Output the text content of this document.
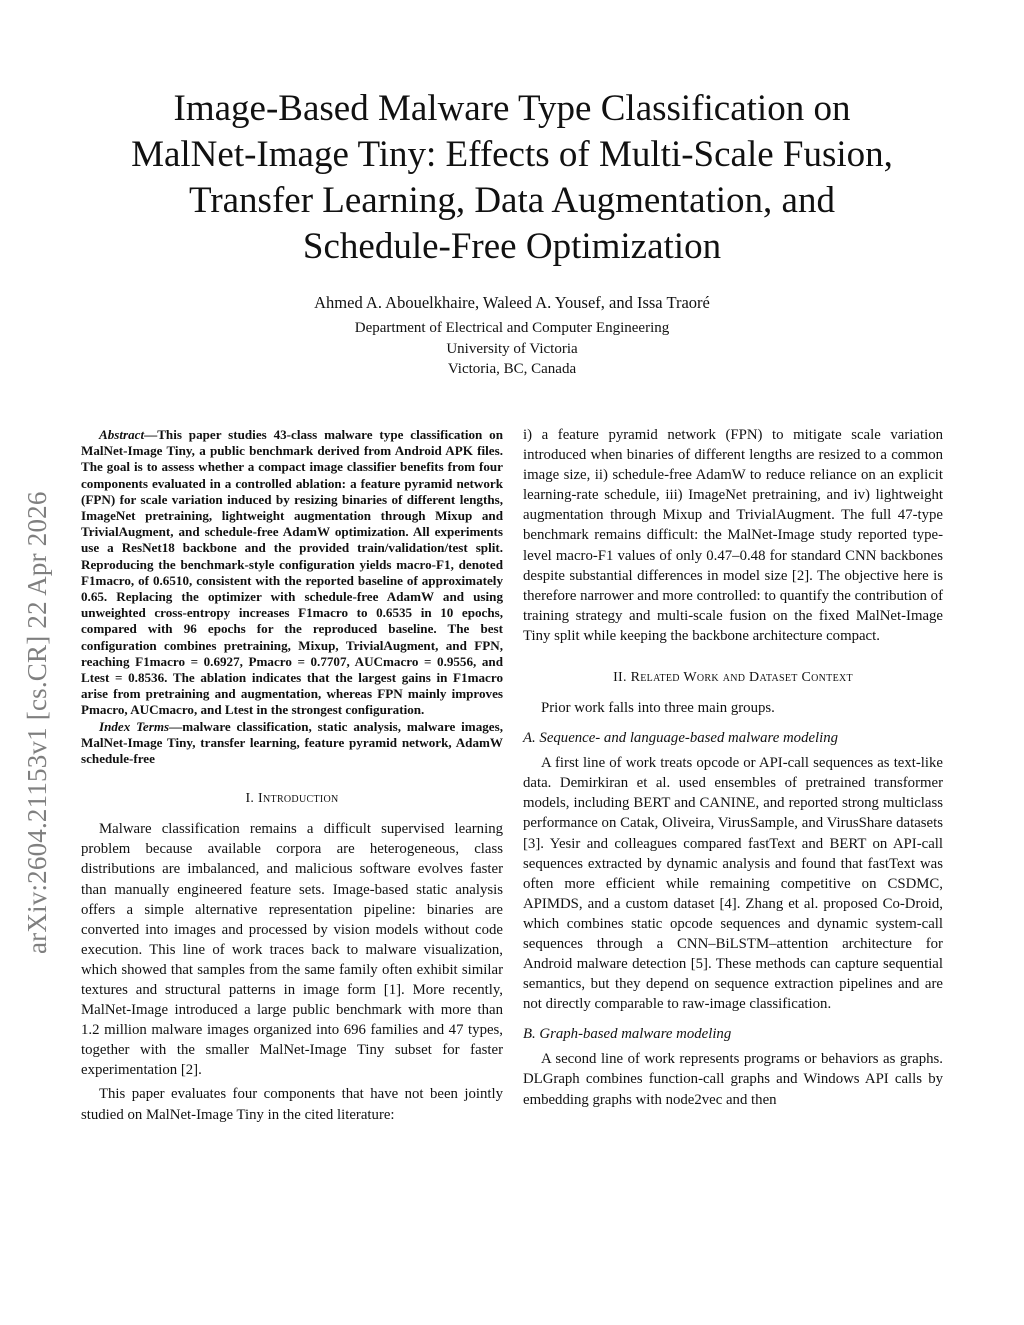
Image-Based Malware Type Classification on
MalNet-Image Tiny: Effects of Multi-Scale Fusion,
Transfer Learning, Data Augmentation, and
Schedule-Free Optimization
Ahmed A. Abouelkhaire, Waleed A. Yousef, and Issa Traoré
Department of Electrical and Computer Engineering
University of Victoria
Victoria, BC, Canada
arXiv:2604.21153v1 [cs.CR] 22 Apr 2026

Abstract—This paper studies 43-class malware type classification on MalNet-Image Tiny, a public benchmark derived from Android APK files. The goal is to assess whether a compact image classifier benefits from four components evaluated in a controlled ablation: a feature pyramid network (FPN) for scale variation induced by resizing binaries of different lengths, ImageNet pretraining, lightweight augmentation through Mixup and TrivialAugment, and schedule-free AdamW optimization. All experiments use a ResNet18 backbone and the provided train/validation/test split. Reproducing the benchmark-style configuration yields macro-F1, denoted F1macro, of 0.6510, consistent with the reported baseline of approximately 0.65. Replacing the optimizer with schedule-free AdamW and using unweighted cross-entropy increases F1macro to 0.6535 in 10 epochs, compared with 96 epochs for the reproduced baseline. The best configuration combines pretraining, Mixup, TrivialAugment, and FPN, reaching F1macro = 0.6927, Pmacro = 0.7707, AUCmacro = 0.9556, and Ltest = 0.8536. The ablation indicates that the largest gains in F1macro arise from pretraining and augmentation, whereas FPN mainly improves Pmacro, AUCmacro, and Ltest in the strongest configuration.

Index Terms—malware classification, static analysis, malware images, MalNet-Image Tiny, transfer learning, feature pyramid network, AdamW schedule-free

I. Introduction

Malware classification remains a difficult supervised learning problem because available corpora are heterogeneous, class distributions are imbalanced, and malicious software evolves faster than manually engineered feature sets. Image-based static analysis offers a simple alternative representation pipeline: binaries are converted into images and processed by vision models without code execution. This line of work traces back to malware visualization, which showed that samples from the same family often exhibit similar textures and structural patterns in image form [1]. More recently, MalNet-Image introduced a large public benchmark with more than 1.2 million malware images organized into 696 families and 47 types, together with the smaller MalNet-Image Tiny subset for faster experimentation [2].

This paper evaluates four components that have not been jointly studied on MalNet-Image Tiny in the cited literature:

i) a feature pyramid network (FPN) to mitigate scale variation introduced when binaries of different lengths are resized to a common image size, ii) schedule-free AdamW to reduce reliance on an explicit learning-rate schedule, iii) ImageNet pretraining, and iv) lightweight augmentation through Mixup and TrivialAugment. The full 47-type benchmark remains difficult: the MalNet-Image study reported type-level macro-F1 values of only 0.47–0.48 for standard CNN backbones despite substantial differences in model size [2]. The objective here is therefore narrower and more controlled: to quantify the contribution of training strategy and multi-scale fusion on the fixed MalNet-Image Tiny split while keeping the backbone architecture compact.

II. Related Work and Dataset Context

Prior work falls into three main groups.

A. Sequence- and language-based malware modeling

A first line of work treats opcode or API-call sequences as text-like data. Demirkiran et al. used ensembles of pretrained transformer models, including BERT and CANINE, and reported strong multiclass performance on Catak, Oliveira, VirusSample, and VirusShare datasets [3]. Yesir and colleagues compared fastText and BERT on API-call sequences extracted by dynamic analysis and found that fastText was often more efficient while remaining competitive on CSDMC, APIMDS, and a custom dataset [4]. Zhang et al. proposed Co-Droid, which combines static opcode sequences and dynamic system-call sequences through a CNN–BiLSTM–attention architecture for Android malware detection [5]. These methods can capture sequential semantics, but they depend on sequence extraction pipelines and are not directly comparable to raw-image classification.

B. Graph-based malware modeling

A second line of work represents programs or behaviors as graphs. DLGraph combines function-call graphs and Windows API calls by embedding graphs with node2vec and then
